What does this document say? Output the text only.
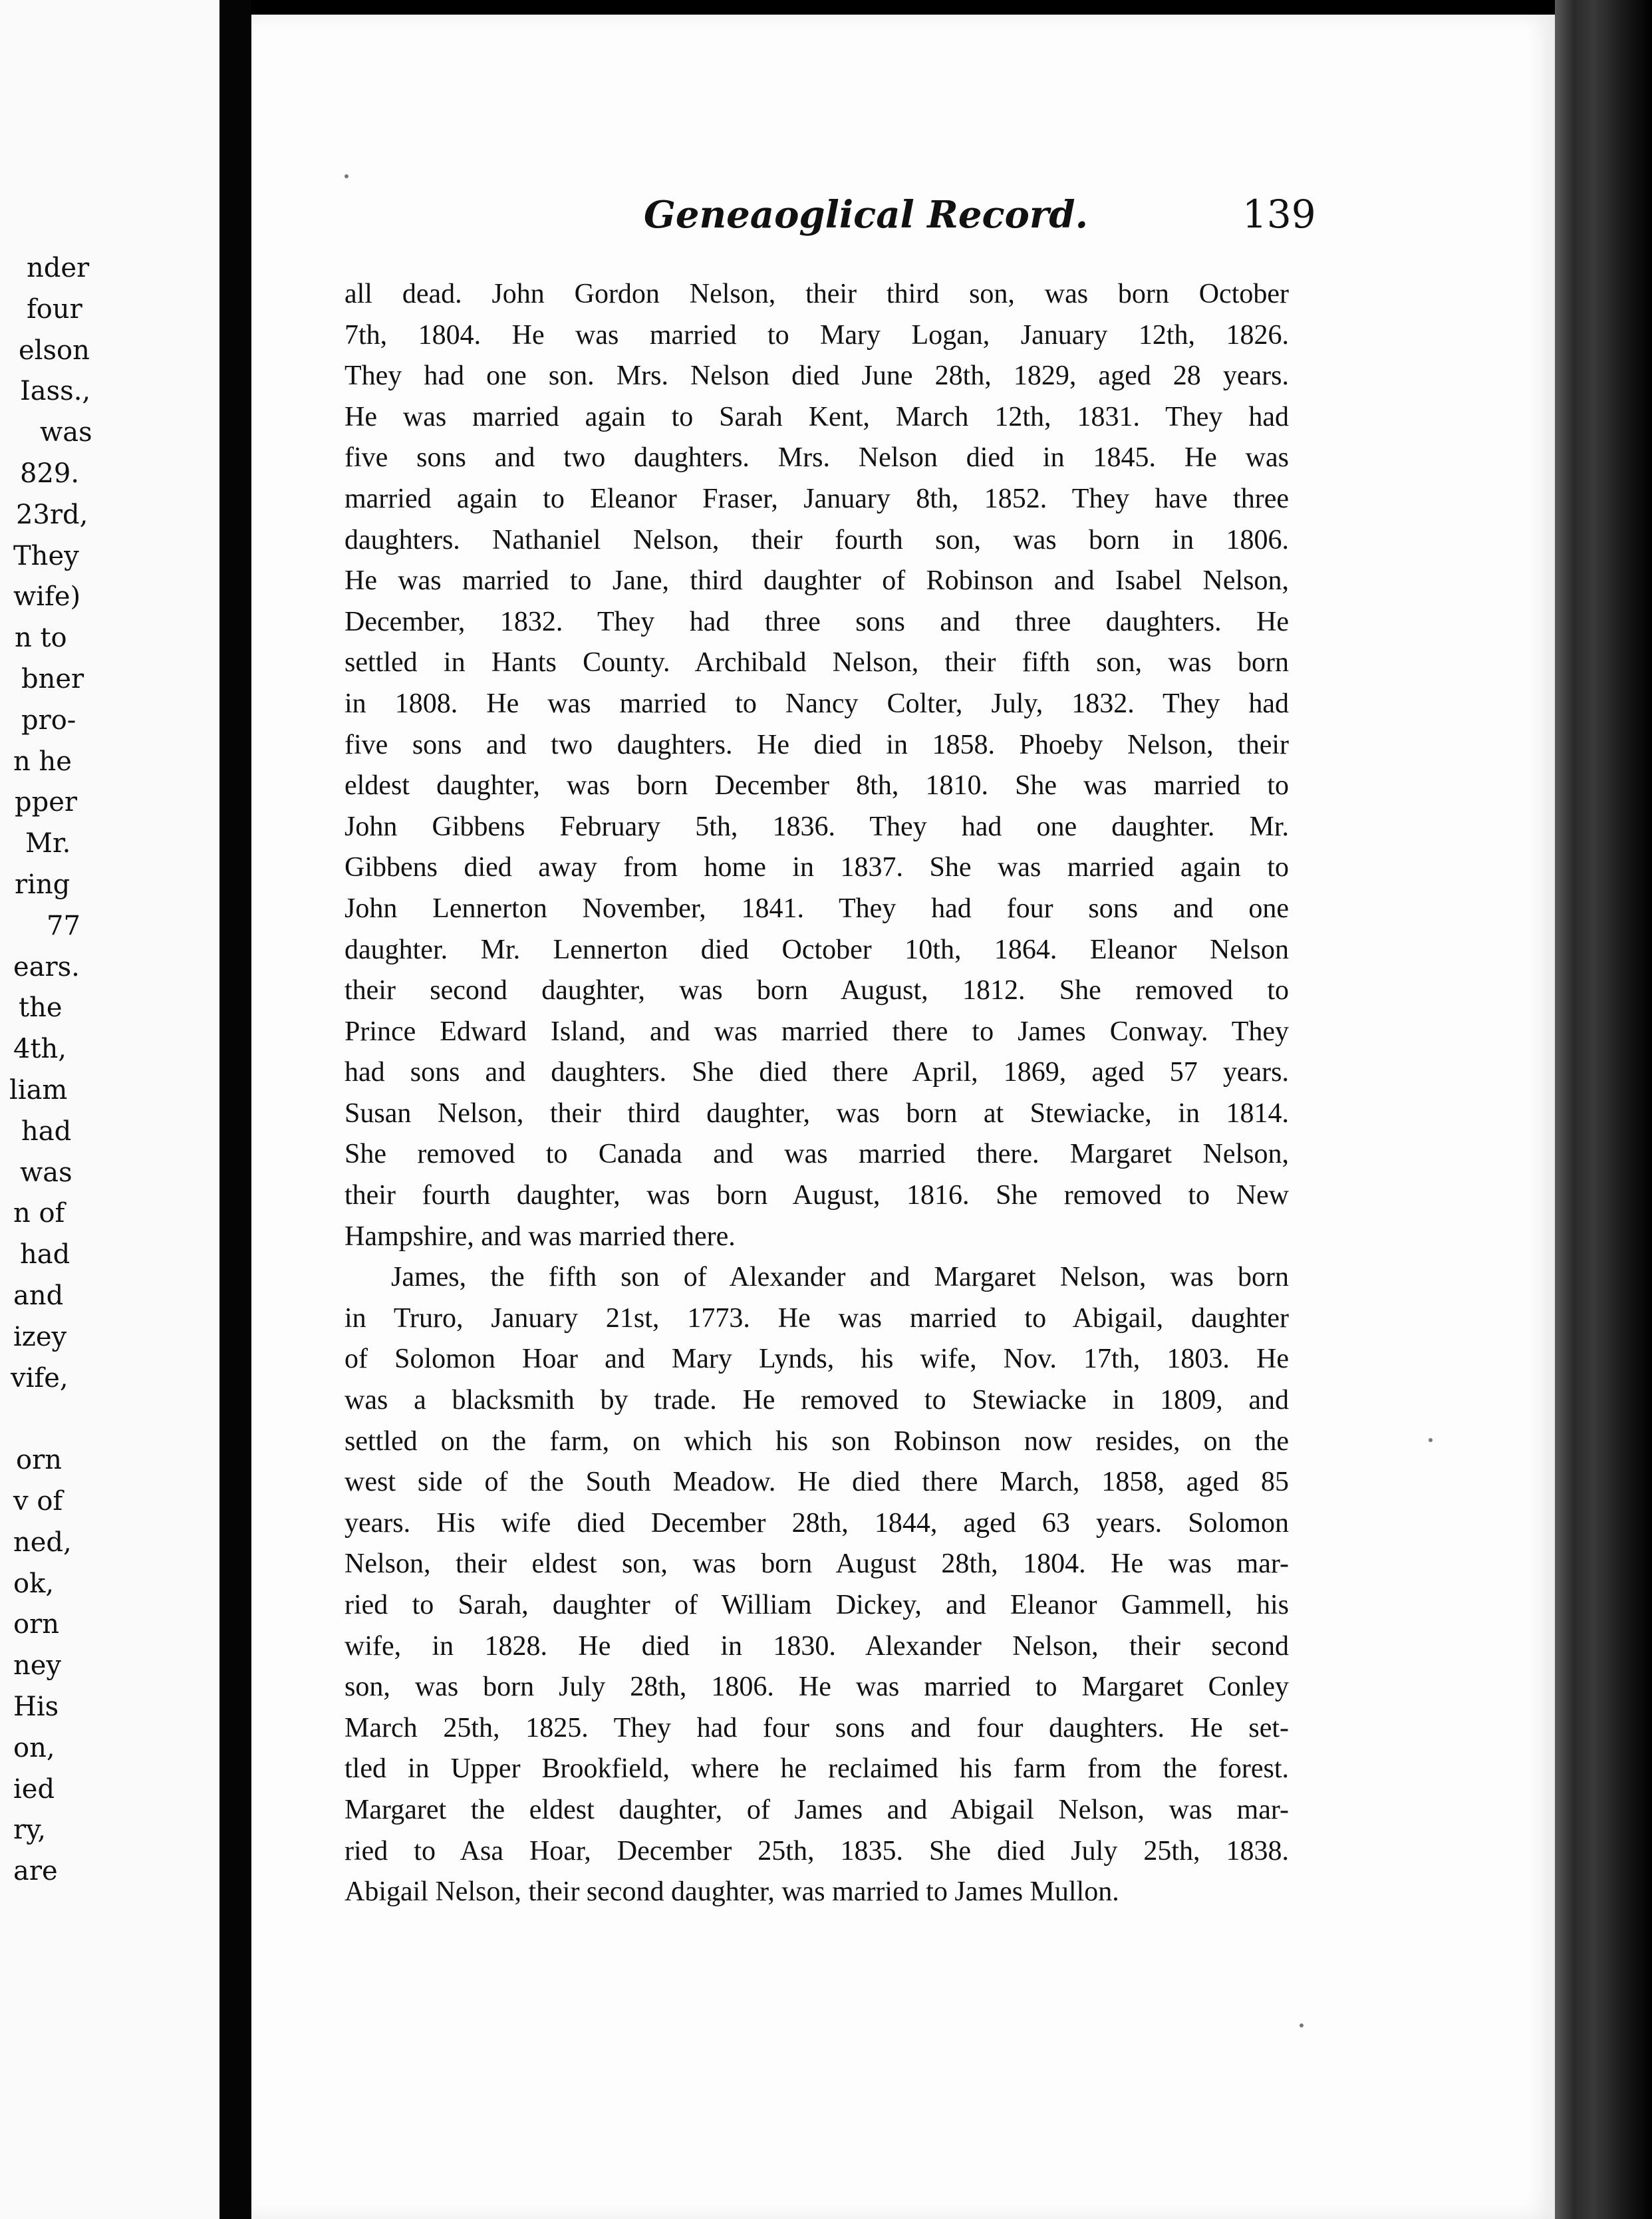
nder
four
elson
Iass.,
was
829.
23rd,
They
wife)
n to
bner
pro-
n he
pper
Mr.
ring
77
ears.
the
4th,
liam
had
was
n of
had
and
izey
vife,
orn
v of
ned,
ok,
orn
ney
His
on,
ied
ry,
are
Geneaoglical Record.	139
all dead. John Gordon Nelson, their third son, was born October
7th, 1804. He was married to Mary Logan, January 12th, 1826.
They had one son. Mrs. Nelson died June 28th, 1829, aged 28 years.
He was married again to Sarah Kent, March 12th, 1831. They had
five sons and two daughters. Mrs. Nelson died in 1845. He was
married again to Eleanor Fraser, January 8th, 1852. They have three
daughters. Nathaniel Nelson, their fourth son, was born in 1806.
He was married to Jane, third daughter of Robinson and Isabel Nelson,
December, 1832. They had three sons and three daughters. He
settled in Hants County. Archibald Nelson, their fifth son, was born
in 1808. He was married to Nancy Colter, July, 1832. They had
five sons and two daughters. He died in 1858. Phoeby Nelson, their
eldest daughter, was born December 8th, 1810. She was married to
John Gibbens February 5th, 1836. They had one daughter. Mr.
Gibbens died away from home in 1837. She was married again to
John Lennerton November, 1841. They had four sons and one
daughter. Mr. Lennerton died October 10th, 1864. Eleanor Nelson
their second daughter, was born August, 1812. She removed to
Prince Edward Island, and was married there to James Conway. They
had sons and daughters. She died there April, 1869, aged 57 years.
Susan Nelson, their third daughter, was born at Stewiacke, in 1814.
She removed to Canada and was married there. Margaret Nelson,
their fourth daughter, was born August, 1816. She removed to New
Hampshire, and was married there.
James, the fifth son of Alexander and Margaret Nelson, was born
in Truro, January 21st, 1773. He was married to Abigail, daughter
of Solomon Hoar and Mary Lynds, his wife, Nov. 17th, 1803. He
was a blacksmith by trade. He removed to Stewiacke in 1809, and
settled on the farm, on which his son Robinson now resides, on the
west side of the South Meadow. He died there March, 1858, aged 85
years. His wife died December 28th, 1844, aged 63 years. Solomon
Nelson, their eldest son, was born August 28th, 1804. He was mar-
ried to Sarah, daughter of William Dickey, and Eleanor Gammell, his
wife, in 1828. He died in 1830. Alexander Nelson, their second
son, was born July 28th, 1806. He was married to Margaret Conley
March 25th, 1825. They had four sons and four daughters. He set-
tled in Upper Brookfield, where he reclaimed his farm from the forest.
Margaret the eldest daughter, of James and Abigail Nelson, was mar-
ried to Asa Hoar, December 25th, 1835. She died July 25th, 1838.
Abigail Nelson, their second daughter, was married to James Mullon.
